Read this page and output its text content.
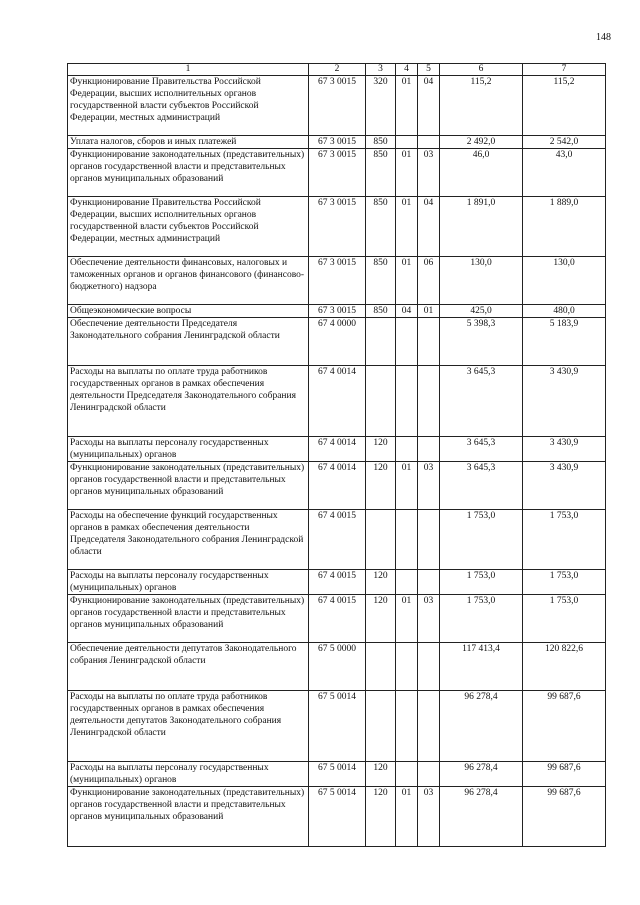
148
1	2	3	4	5	6	7
Функционирование Правительства Российской Федерации, высших исполнительных органов государственной власти субъектов Российской Федерации, местных администраций	67 3 0015	320	01	04	115,2	115,2
Уплата налогов, сборов и иных платежей	67 3 0015	850			2 492,0	2 542,0
Функционирование законодательных (представительных) органов государственной власти и представительных органов муниципальных образований	67 3 0015	850	01	03	46,0	43,0
Функционирование Правительства Российской Федерации, высших исполнительных органов государственной власти субъектов Российской Федерации, местных администраций	67 3 0015	850	01	04	1 891,0	1 889,0
Обеспечение деятельности финансовых, налоговых и таможенных органов и органов финансового (финансово-бюджетного) надзора	67 3 0015	850	01	06	130,0	130,0
Общеэкономические вопросы	67 3 0015	850	04	01	425,0	480,0
Обеспечение деятельности Председателя Законодательного собрания Ленинградской области	67 4 0000				5 398,3	5 183,9
Расходы на выплаты по оплате труда работников государственных органов в рамках обеспечения деятельности Председателя Законодательного собрания Ленинградской области	67 4 0014				3 645,3	3 430,9
Расходы на выплаты персоналу государственных (муниципальных) органов	67 4 0014	120			3 645,3	3 430,9
Функционирование законодательных (представительных) органов государственной власти и представительных органов муниципальных образований	67 4 0014	120	01	03	3 645,3	3 430,9
Расходы на обеспечение функций государственных органов в рамках обеспечения деятельности Председателя Законодательного собрания Ленинградской области	67 4 0015				1 753,0	1 753,0
Расходы на выплаты персоналу государственных (муниципальных) органов	67 4 0015	120			1 753,0	1 753,0
Функционирование законодательных (представительных) органов государственной власти и представительных органов муниципальных образований	67 4 0015	120	01	03	1 753,0	1 753,0
Обеспечение деятельности депутатов Законодательного собрания Ленинградской области	67 5 0000				117 413,4	120 822,6
Расходы на выплаты по оплате труда работников государственных органов в рамках обеспечения деятельности депутатов Законодательного собрания Ленинградской области	67 5 0014				96 278,4	99 687,6
Расходы на выплаты персоналу государственных (муниципальных) органов	67 5 0014	120			96 278,4	99 687,6
Функционирование законодательных (представительных) органов государственной власти и представительных органов муниципальных образований	67 5 0014	120	01	03	96 278,4	99 687,6
